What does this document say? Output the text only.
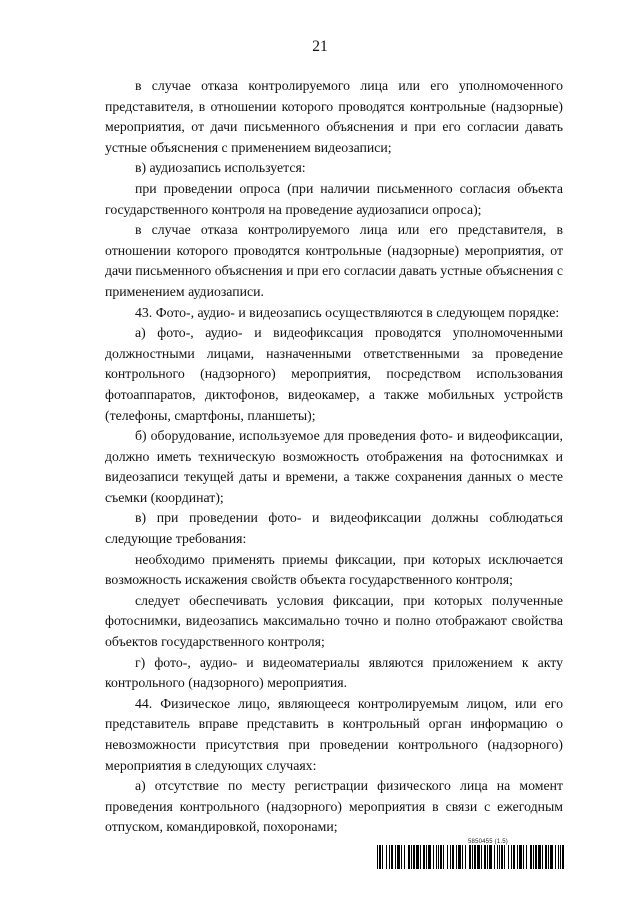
21

в случае отказа контролируемого лица или его уполномоченного представителя, в отношении которого проводятся контрольные (надзорные) мероприятия, от дачи письменного объяснения и при его согласии давать устные объяснения с применением видеозаписи;

в) аудиозапись используется:

при проведении опроса (при наличии письменного согласия объекта государственного контроля на проведение аудиозаписи опроса);

в случае отказа контролируемого лица или его представителя, в отношении которого проводятся контрольные (надзорные) мероприятия, от дачи письменного объяснения и при его согласии давать устные объяснения с применением аудиозаписи.

43. Фото-, аудио- и видеозапись осуществляются в следующем порядке:

а) фото-, аудио- и видеофиксация проводятся уполномоченными должностными лицами, назначенными ответственными за проведение контрольного (надзорного) мероприятия, посредством использования фотоаппаратов, диктофонов, видеокамер, а также мобильных устройств (телефоны, смартфоны, планшеты);

б) оборудование, используемое для проведения фото- и видеофиксации, должно иметь техническую возможность отображения на фотоснимках и видеозаписи текущей даты и времени, а также сохранения данных о месте съемки (координат);

в) при проведении фото- и видеофиксации должны соблюдаться следующие требования:

необходимо применять приемы фиксации, при которых исключается возможность искажения свойств объекта государственного контроля;

следует обеспечивать условия фиксации, при которых полученные фотоснимки, видеозапись максимально точно и полно отображают свойства объектов государственного контроля;

г) фото-, аудио- и видеоматериалы являются приложением к акту контрольного (надзорного) мероприятия.

44. Физическое лицо, являющееся контролируемым лицом, или его представитель вправе представить в контрольный орган информацию о невозможности присутствия при проведении контрольного (надзорного) мероприятия в следующих случаях:

а) отсутствие по месту регистрации физического лица на момент проведения контрольного (надзорного) мероприятия в связи с ежегодным отпуском, командировкой, похоронами;

5850455 (1.5)
